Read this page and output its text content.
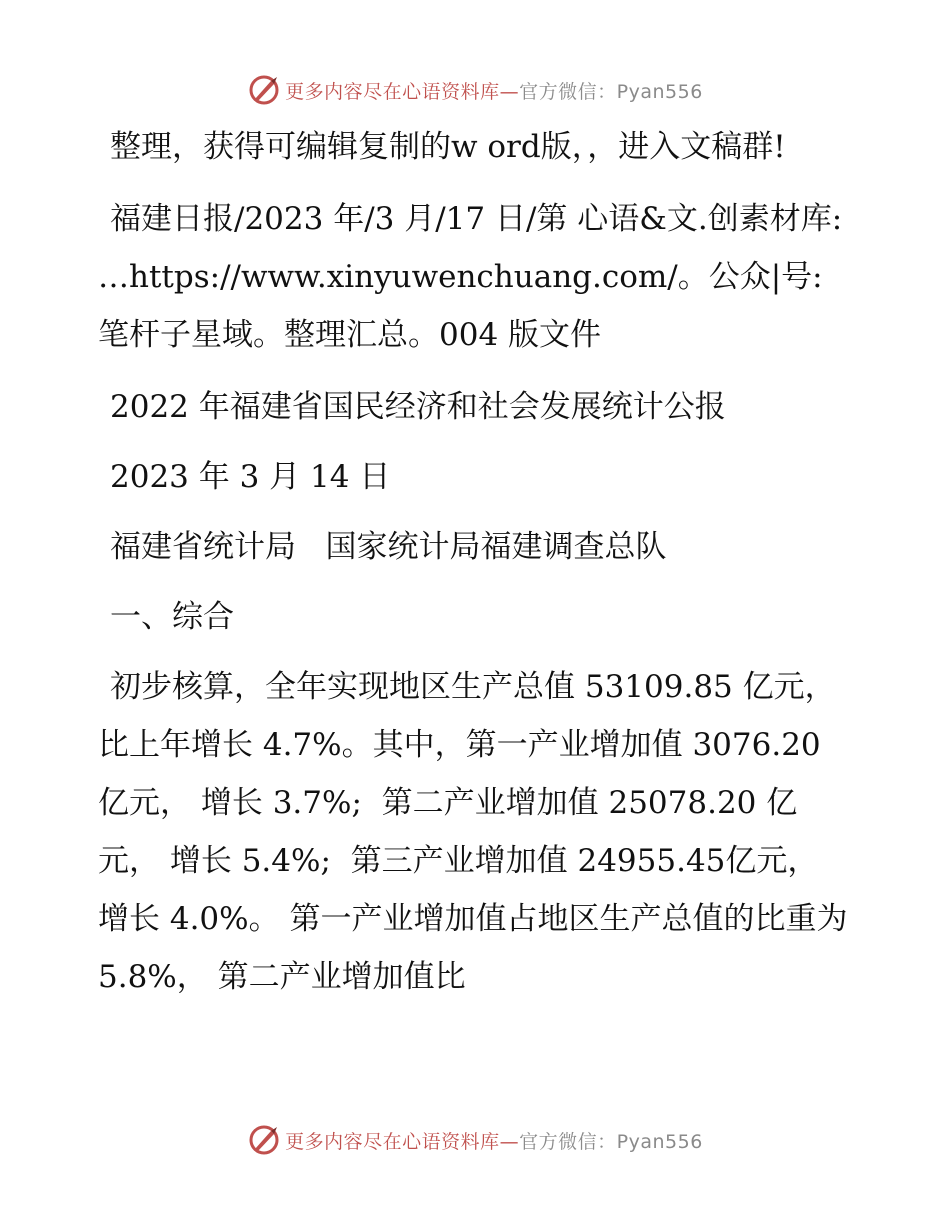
更多内容尽在心语资料库— 官方微信：Pyan556

整理，获得可编辑复制的w ord版，，进入文稿群!

福建日报/2023 年/3 月/17 日/第 心语&文.创素材库: …https://www.xinyuwenchuang.com/。公众|号: 笔杆子星域。整理汇总。004 版文件

2022 年福建省国民经济和社会发展统计公报

2023 年 3 月 14 日

福建省统计局   国家统计局福建调查总队

一、综合

初步核算，全年实现地区生产总值 53109.85 亿元，比上年增长 4.7%。其中，第一产业增加值 3076.20 亿元， 增长 3.7%;  第二产业增加值 25078.20 亿元， 增长 5.4%;  第三产业增加值 24955.45亿元， 增长 4.0%。 第一产业增加值占地区生产总值的比重为 5.8%， 第二产业增加值比

更多内容尽在心语资料库— 官方微信：Pyan556
